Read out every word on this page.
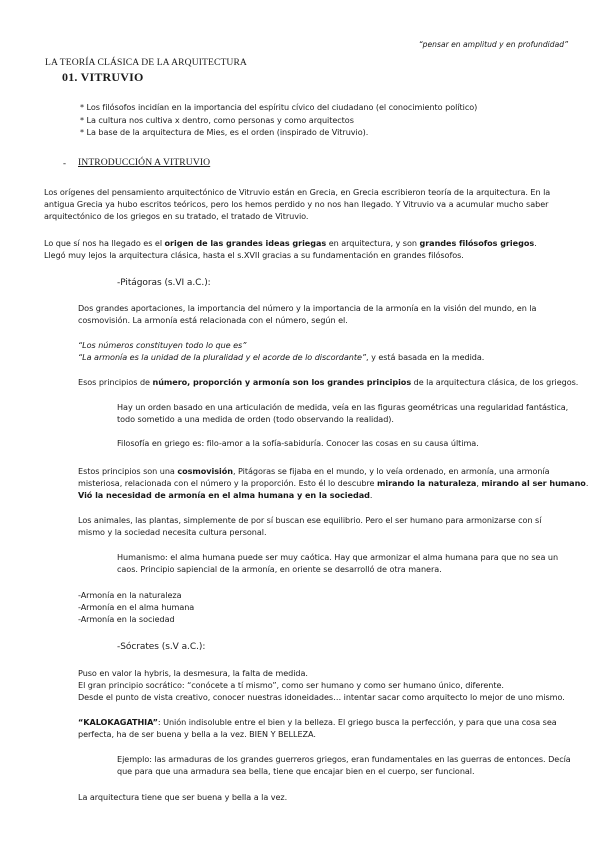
“pensar en amplitud y en profundidad”
LA TEORÍA CLÁSICA DE LA ARQUITECTURA
01. VITRUVIO
* Los filósofos incidían en la importancia del espíritu cívico del ciudadano (el conocimiento político)
* La cultura nos cultiva x dentro, como personas y como arquitectos
* La base de la arquitectura de Mies, es el orden (inspirado de Vitruvio).
- INTRODUCCIÓN A VITRUVIO
Los orígenes del pensamiento arquitectónico de Vitruvio están en Grecia, en Grecia escribieron teoría de la arquitectura. En la
antigua Grecia ya hubo escritos teóricos, pero los hemos perdido y no nos han llegado. Y Vitruvio va a acumular mucho saber
arquitectónico de los griegos en su tratado, el tratado de Vitruvio.
Lo que sí nos ha llegado es el origen de las grandes ideas griegas en arquitectura, y son grandes filósofos griegos.
Llegó muy lejos la arquitectura clásica, hasta el s.XVII gracias a su fundamentación en grandes filósofos.
-Pitágoras (s.VI a.C.):
Dos grandes aportaciones, la importancia del número y la importancia de la armonía en la visión del mundo, en la
cosmovisión. La armonía está relacionada con el número, según el.
“Los números constituyen todo lo que es”
“La armonía es la unidad de la pluralidad y el acorde de lo discordante”, y está basada en la medida.
Esos principios de número, proporción y armonía son los grandes principios de la arquitectura clásica, de los griegos.
Hay un orden basado en una articulación de medida, veía en las figuras geométricas una regularidad fantástica,
todo sometido a una medida de orden (todo observando la realidad).
Filosofía en griego es: filo-amor a la sofía-sabiduría. Conocer las cosas en su causa última.
Estos principios son una cosmovisión, Pitágoras se fijaba en el mundo, y lo veía ordenado, en armonía, una armonía
misteriosa, relacionada con el número y la proporción. Esto él lo descubre mirando la naturaleza, mirando al ser humano.
Vió la necesidad de armonía en el alma humana y en la sociedad.
Los animales, las plantas, simplemente de por sí buscan ese equilibrio. Pero el ser humano para armonizarse con sí
mismo y la sociedad necesita cultura personal.
Humanismo: el alma humana puede ser muy caótica. Hay que armonizar el alma humana para que no sea un
caos. Principio sapiencial de la armonía, en oriente se desarrolló de otra manera.
-Armonía en la naturaleza
-Armonía en el alma humana
-Armonía en la sociedad
-Sócrates (s.V a.C.):
Puso en valor la hybris, la desmesura, la falta de medida.
El gran principio socrático: “conócete a tí mismo”, como ser humano y como ser humano único, diferente.
Desde el punto de vista creativo, conocer nuestras idoneidades… intentar sacar como arquitecto lo mejor de uno mismo.
“KALOKAGATHIA”: Unión indisoluble entre el bien y la belleza. El griego busca la perfección, y para que una cosa sea
perfecta, ha de ser buena y bella a la vez. BIEN Y BELLEZA.
Ejemplo: las armaduras de los grandes guerreros griegos, eran fundamentales en las guerras de entonces. Decía
que para que una armadura sea bella, tiene que encajar bien en el cuerpo, ser funcional.
La arquitectura tiene que ser buena y bella a la vez.
